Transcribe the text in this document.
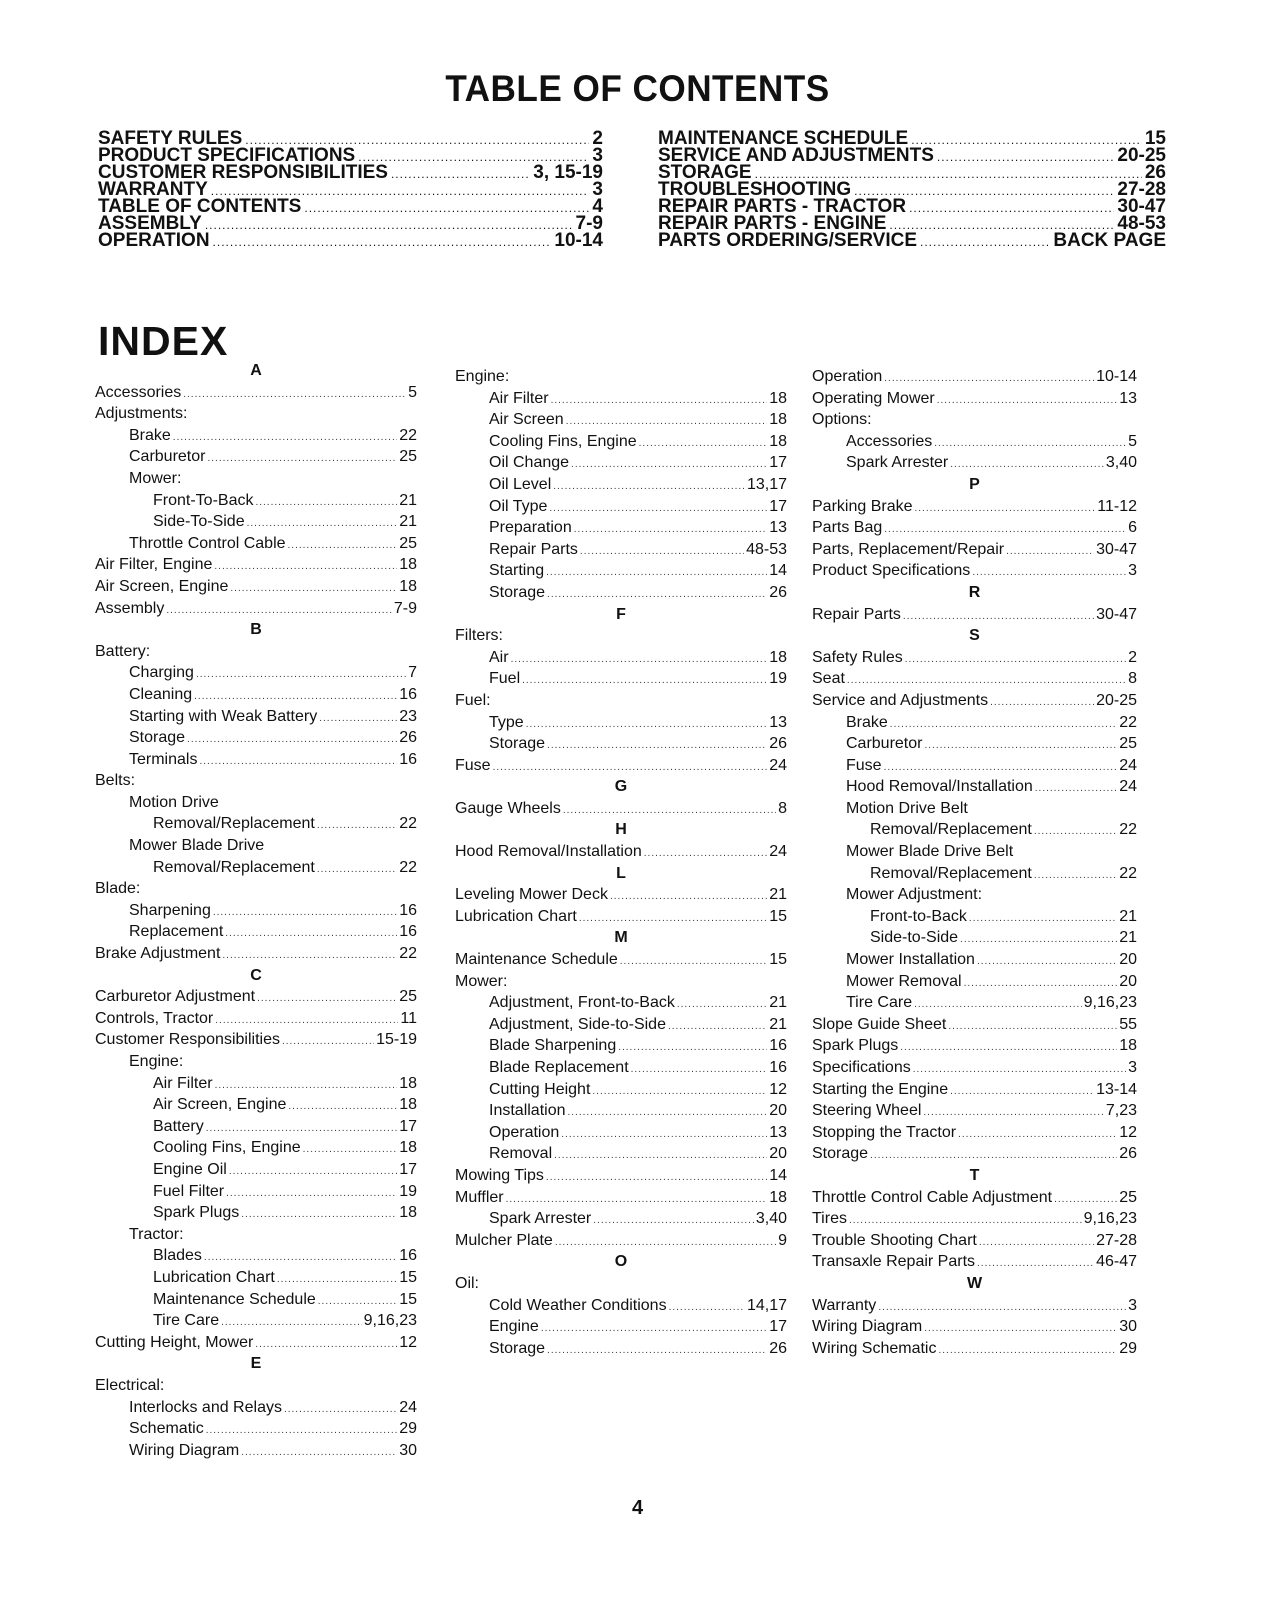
TABLE OF CONTENTS
SAFETY RULES .....	2
PRODUCT SPECIFICATIONS .....	3
CUSTOMER RESPONSIBILITIES .....	3, 15-19
WARRANTY .....	3
TABLE OF CONTENTS .....	4
ASSEMBLY .....	7-9
OPERATION .....	10-14
MAINTENANCE SCHEDULE .....	15
SERVICE AND ADJUSTMENTS .....	20-25
STORAGE .....	26
TROUBLESHOOTING .....	27-28
REPAIR PARTS - TRACTOR .....	30-47
REPAIR PARTS - ENGINE .....	48-53
PARTS ORDERING/SERVICE .....	BACK PAGE
INDEX
A
Accessories .....	5
Adjustments:
Brake .....	22
Carburetor .....	25
Mower:
Front-To-Back .....	21
Side-To-Side .....	21
Throttle Control Cable .....	25
Air Filter, Engine .....	18
Air Screen, Engine .....	18
Assembly .....	7-9
B
Battery:
Charging .....	7
Cleaning .....	16
Starting with Weak Battery .....	23
Storage .....	26
Terminals .....	16
Belts:
Motion Drive
Removal/Replacement .....	22
Mower Blade Drive
Removal/Replacement .....	22
Blade:
Sharpening .....	16
Replacement .....	16
Brake Adjustment .....	22
C
Carburetor Adjustment .....	25
Controls, Tractor .....	11
Customer Responsibilities .....	15-19
Engine:
Air Filter .....	18
Air Screen, Engine .....	18
Battery .....	17
Cooling Fins, Engine .....	18
Engine Oil .....	17
Fuel Filter .....	19
Spark Plugs .....	18
Tractor:
Blades .....	16
Lubrication Chart .....	15
Maintenance Schedule .....	15
Tire Care .....	9,16,23
Cutting Height, Mower .....	12
E
Electrical:
Interlocks and Relays .....	24
Schematic .....	29
Wiring Diagram .....	30
Engine:
Air Filter .....	18
Air Screen .....	18
Cooling Fins, Engine .....	18
Oil Change .....	17
Oil Level .....	13,17
Oil Type .....	17
Preparation .....	13
Repair Parts .....	48-53
Starting .....	14
Storage .....	26
F
Filters:
Air .....	18
Fuel .....	19
Fuel:
Type .....	13
Storage .....	26
Fuse .....	24
G
Gauge Wheels .....	8
H
Hood Removal/Installation .....	24
L
Leveling Mower Deck .....	21
Lubrication Chart .....	15
M
Maintenance Schedule .....	15
Mower:
Adjustment, Front-to-Back .....	21
Adjustment, Side-to-Side .....	21
Blade Sharpening .....	16
Blade Replacement .....	16
Cutting Height .....	12
Installation .....	20
Operation .....	13
Removal .....	20
Mowing Tips .....	14
Muffler .....	18
Spark Arrester .....	3,40
Mulcher Plate .....	9
O
Oil:
Cold Weather Conditions .....	14,17
Engine .....	17
Storage .....	26
Operation .....	10-14
Operating Mower .....	13
Options:
Accessories .....	5
Spark Arrester .....	3,40
P
Parking Brake .....	11-12
Parts Bag .....	6
Parts, Replacement/Repair .....	30-47
Product Specifications .....	3
R
Repair Parts .....	30-47
S
Safety Rules .....	2
Seat .....	8
Service and Adjustments .....	20-25
Brake .....	22
Carburetor .....	25
Fuse .....	24
Hood Removal/Installation .....	24
Motion Drive Belt
Removal/Replacement .....	22
Mower Blade Drive Belt
Removal/Replacement .....	22
Mower Adjustment:
Front-to-Back .....	21
Side-to-Side .....	21
Mower Installation .....	20
Mower Removal .....	20
Tire Care .....	9,16,23
Slope Guide Sheet .....	55
Spark Plugs .....	18
Specifications .....	3
Starting the Engine .....	13-14
Steering Wheel .....	7,23
Stopping the Tractor .....	12
Storage .....	26
T
Throttle Control Cable Adjustment .....	25
Tires .....	9,16,23
Trouble Shooting Chart .....	27-28
Transaxle Repair Parts .....	46-47
W
Warranty .....	3
Wiring Diagram .....	30
Wiring Schematic .....	29
4
